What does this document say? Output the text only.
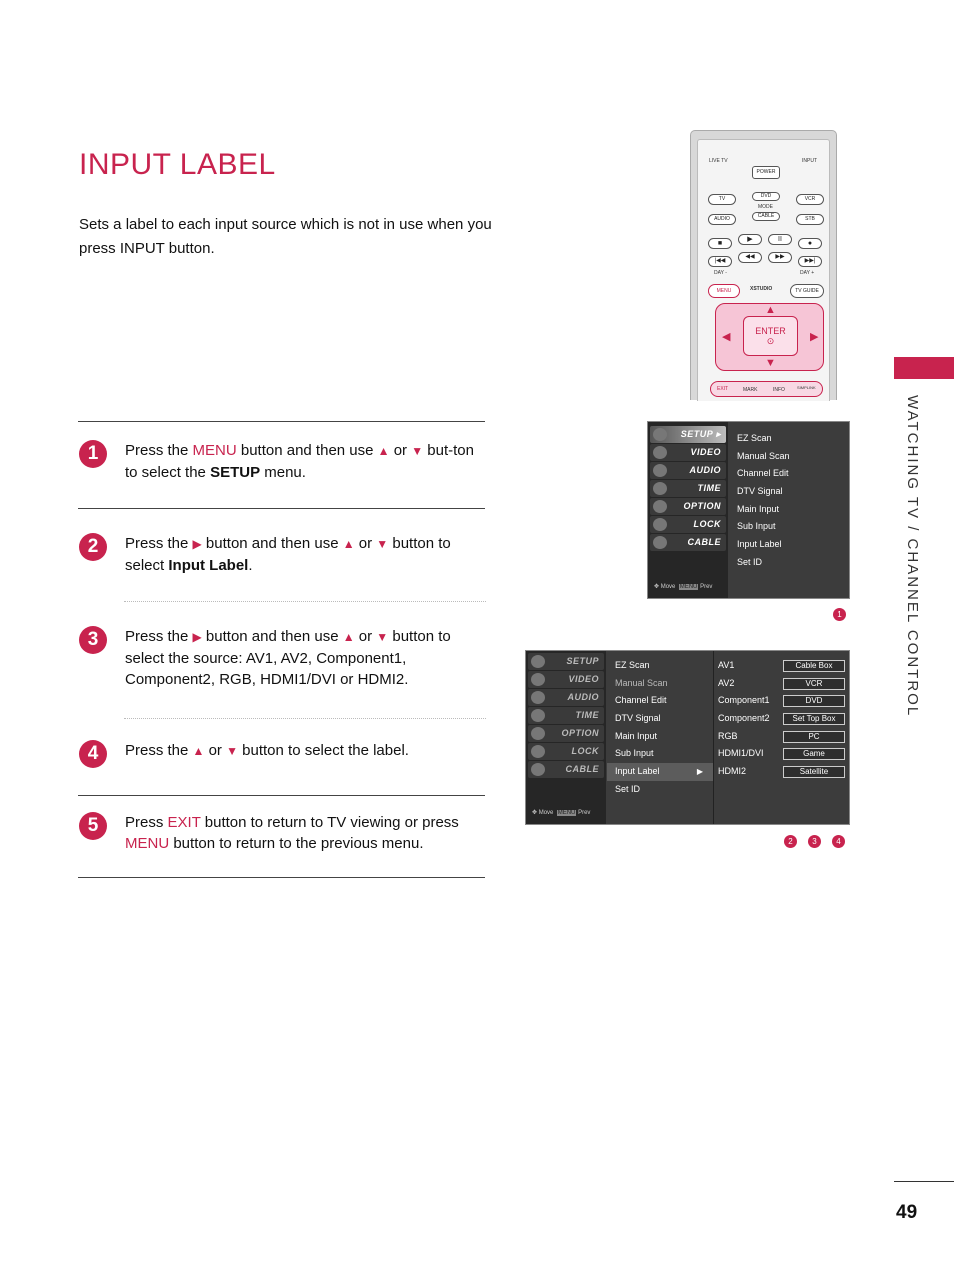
INPUT LABEL
Sets a label to each input source which is not in use when you press INPUT button.
WATCHING TV / CHANNEL CONTROL
49
1	Press the MENU button and then use ▲ or ▼ but-ton to select the SETUP menu.
2	Press the ▶ button and then use ▲ or ▼ button to select Input Label.
3	Press the ▶ button and then use ▲ or ▼ button to select the source: AV1, AV2, Component1, Component2, RGB, HDMI1/DVI or HDMI2.
4	Press the ▲ or ▼ button to select the label.
5	Press EXIT button to return to TV viewing or press MENU button to return to the previous menu.
LIVE TV	INPUT
POWER
TV	DVD	VCR
MODE
AUDIO	CABLE	STB
■
▶	II
●
|◀◀
◀◀	▶▶
▶▶|
DAY -	DAY +
MENU	XSTUDIO	TV GUIDE
▲
▼
◀	▶
ENTER
⊙
EXIT	MARK	INFO	SIMPLINK
SETUP ▸
VIDEO
AUDIO
TIME
OPTION
LOCK
CABLE
✥ Move MENU Prev
EZ Scan
Manual Scan
Channel Edit
DTV Signal
Main Input
Sub Input
Input Label
Set ID
1
SETUP
VIDEO
AUDIO
TIME
OPTION
LOCK
CABLE
✥ Move MENU Prev
EZ Scan
Manual Scan
Channel Edit
DTV Signal
Main Input
Sub Input
Input Label ▶
Set ID
AV1	Cable Box
AV2	VCR
Component1	DVD
Component2	Set Top Box
RGB	PC
HDMI1/DVI	Game
HDMI2	Satellite
2	3	4
